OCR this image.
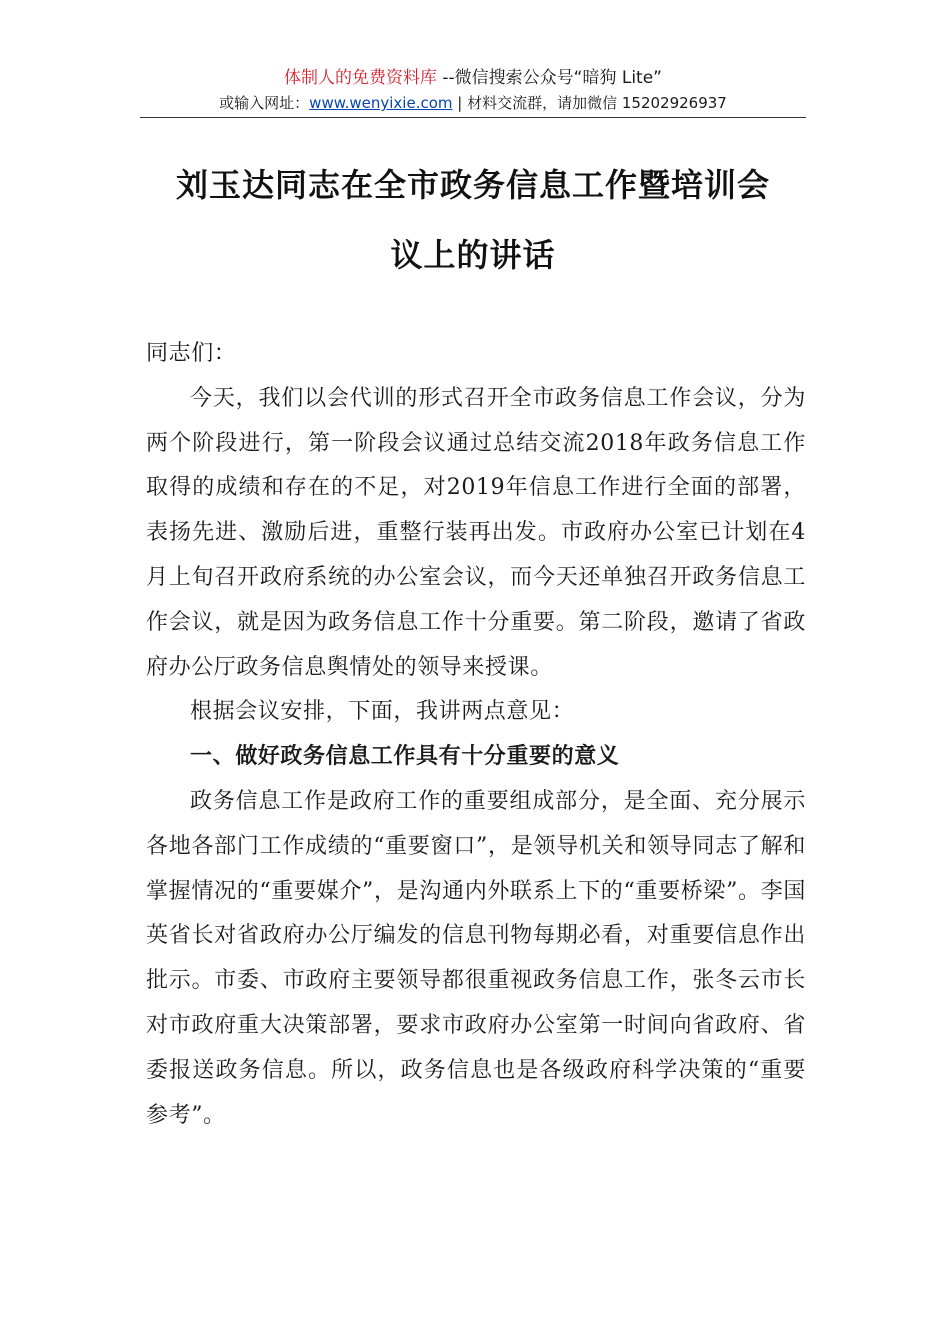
体制人的免费资料库 --微信搜索公众号“暗狗 Lite”
或输入网址：www.wenyixie.com | 材料交流群，请加微信 15202926937
刘玉达同志在全市政务信息工作暨培训会
议上的讲话

同志们：

今天，我们以会代训的形式召开全市政务信息工作会议，分为两个阶段进行，第一阶段会议通过总结交流2018年政务信息工作取得的成绩和存在的不足，对2019年信息工作进行全面的部署，表扬先进、激励后进，重整行装再出发。市政府办公室已计划在4月上旬召开政府系统的办公室会议，而今天还单独召开政务信息工作会议，就是因为政务信息工作十分重要。第二阶段，邀请了省政府办公厅政务信息舆情处的领导来授课。

根据会议安排，下面，我讲两点意见：

一、做好政务信息工作具有十分重要的意义

政务信息工作是政府工作的重要组成部分，是全面、充分展示各地各部门工作成绩的“重要窗口”，是领导机关和领导同志了解和掌握情况的“重要媒介”，是沟通内外联系上下的“重要桥梁”。李国英省长对省政府办公厅编发的信息刊物每期必看，对重要信息作出批示。市委、市政府主要领导都很重视政务信息工作，张冬云市长对市政府重大决策部署，要求市政府办公室第一时间向省政府、省委报送政务信息。所以，政务信息也是各级政府科学决策的“重要参考”。
